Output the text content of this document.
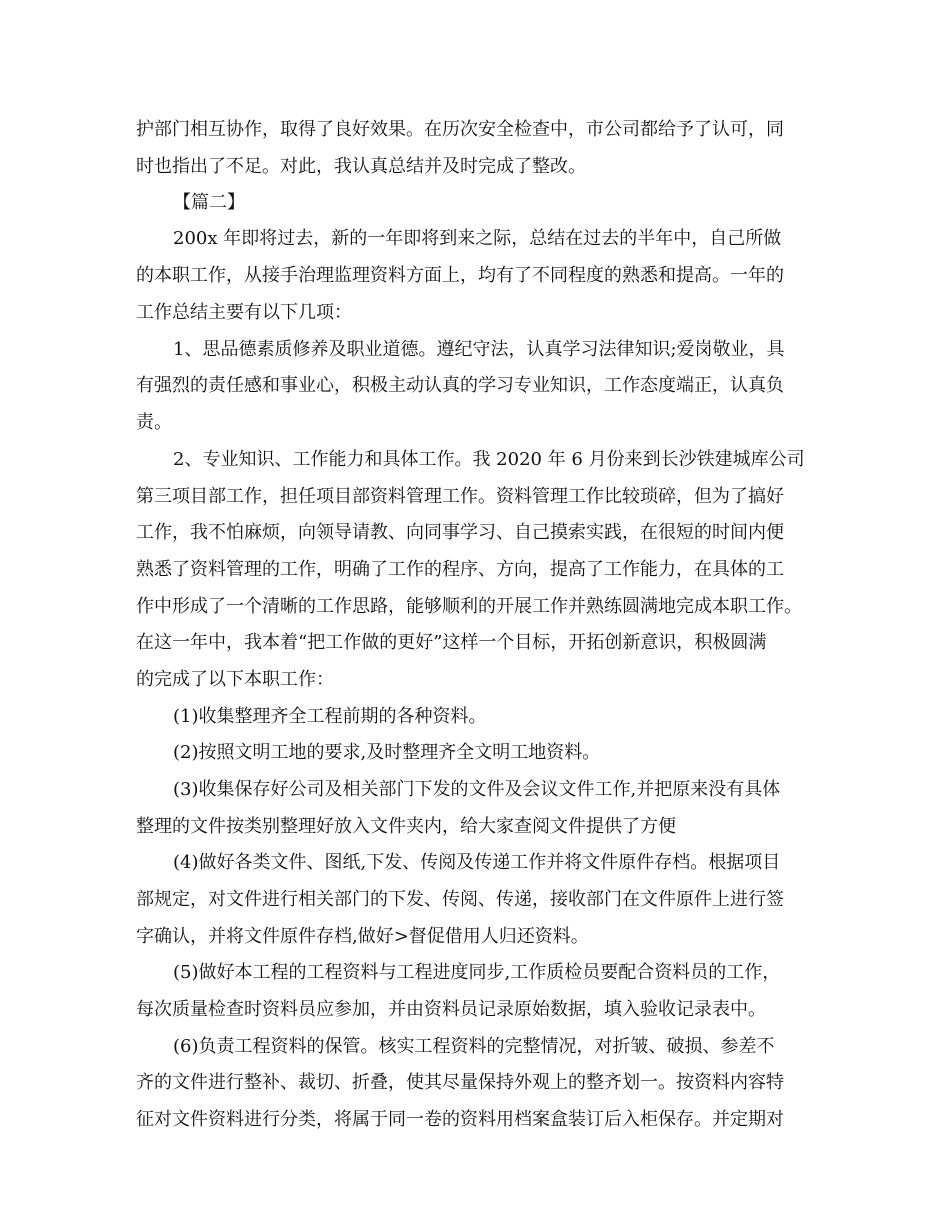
护部门相互协作，取得了良好效果。在历次安全检查中，市公司都给予了认可，同
时也指出了不足。对此，我认真总结并及时完成了整改。
【篇二】
200x 年即将过去，新的一年即将到来之际，总结在过去的半年中，自己所做
的本职工作，从接手治理监理资料方面上，均有了不同程度的熟悉和提高。一年的
工作总结主要有以下几项：
1、思品德素质修养及职业道德。遵纪守法，认真学习法律知识;爱岗敬业，具
有强烈的责任感和事业心，积极主动认真的学习专业知识，工作态度端正，认真负
责。
2、专业知识、工作能力和具体工作。我 2020 年 6 月份来到长沙铁建城库公司
第三项目部工作，担任项目部资料管理工作。资料管理工作比较琐碎，但为了搞好
工作，我不怕麻烦，向领导请教、向同事学习、自己摸索实践，在很短的时间内便
熟悉了资料管理的工作，明确了工作的程序、方向，提高了工作能力，在具体的工
作中形成了一个清晰的工作思路，能够顺利的开展工作并熟练圆满地完成本职工作。
在这一年中，我本着“把工作做的更好”这样一个目标，开拓创新意识，积极圆满
的完成了以下本职工作：
(1)收集整理齐全工程前期的各种资料。
(2)按照文明工地的要求,及时整理齐全文明工地资料。
(3)收集保存好公司及相关部门下发的文件及会议文件工作,并把原来没有具体
整理的文件按类别整理好放入文件夹内，给大家查阅文件提供了方便
(4)做好各类文件、图纸,下发、传阅及传递工作并将文件原件存档。根据项目
部规定，对文件进行相关部门的下发、传阅、传递，接收部门在文件原件上进行签
字确认，并将文件原件存档,做好>督促借用人归还资料。
(5)做好本工程的工程资料与工程进度同步,工作质检员要配合资料员的工作，
每次质量检查时资料员应参加，并由资料员记录原始数据，填入验收记录表中。
(6)负责工程资料的保管。核实工程资料的完整情况，对折皱、破损、参差不
齐的文件进行整补、裁切、折叠，使其尽量保持外观上的整齐划一。按资料内容特
征对文件资料进行分类，将属于同一卷的资料用档案盒装订后入柜保存。并定期对
